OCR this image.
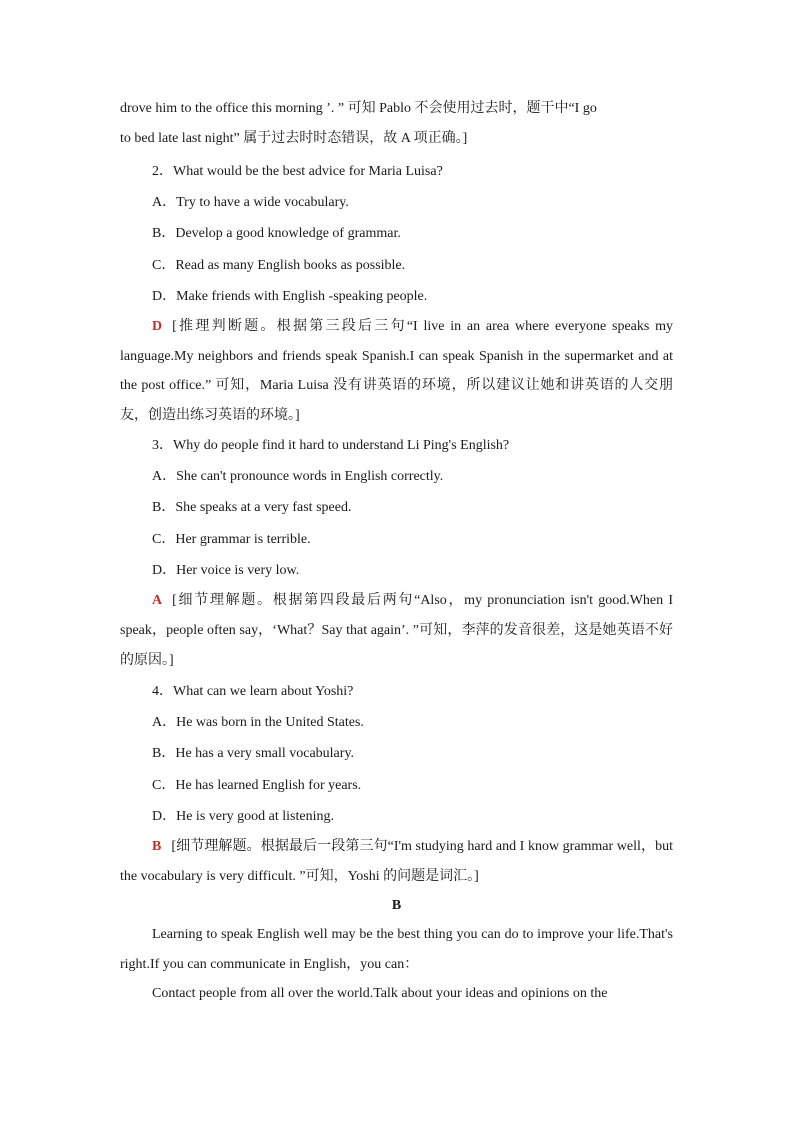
drove him to the office this morning ’. ” 可知 Pablo 不会使用过去时，题干中“I go

to bed late last night” 属于过去时时态错误，故 A 项正确。]

2．What would be the best advice for Maria Luisa?

A．Try to have a wide vocabulary.

B．Develop a good knowledge of grammar.

C．Read as many English books as possible.

D．Make friends with English -speaking people.

D [推理判断题。根据第三段后三句“I live in an area where everyone speaks my language.My neighbors and friends speak Spanish.I can speak Spanish in the supermarket and at the post office.” 可知，Maria Luisa 没有讲英语的环境，所以建议让她和讲英语的人交朋友，创造出练习英语的环境。]

3．Why do people find it hard to understand Li Ping's English?

A．She can't pronounce words in English correctly.

B．She speaks at a very fast speed.

C．Her grammar is terrible.

D．Her voice is very low.

A [细节理解题。根据第四段最后两句“Also，my pronunciation isn't good.When I speak，people often say，‘What？Say that again’. ”可知，李萍的发音很差，这是她英语不好的原因。]

4．What can we learn about Yoshi?

A．He was born in the United States.

B．He has a very small vocabulary.

C．He has learned English for years.

D．He is very good at listening.

B [细节理解题。根据最后一段第三句“I'm studying hard and I know grammar well，but the vocabulary is very difficult. ”可知，Yoshi 的问题是词汇。]

B

Learning to speak English well may be the best thing you can do to improve your life.That's right.If you can communicate in English，you can：

Contact people from all over the world.Talk about your ideas and opinions on the
